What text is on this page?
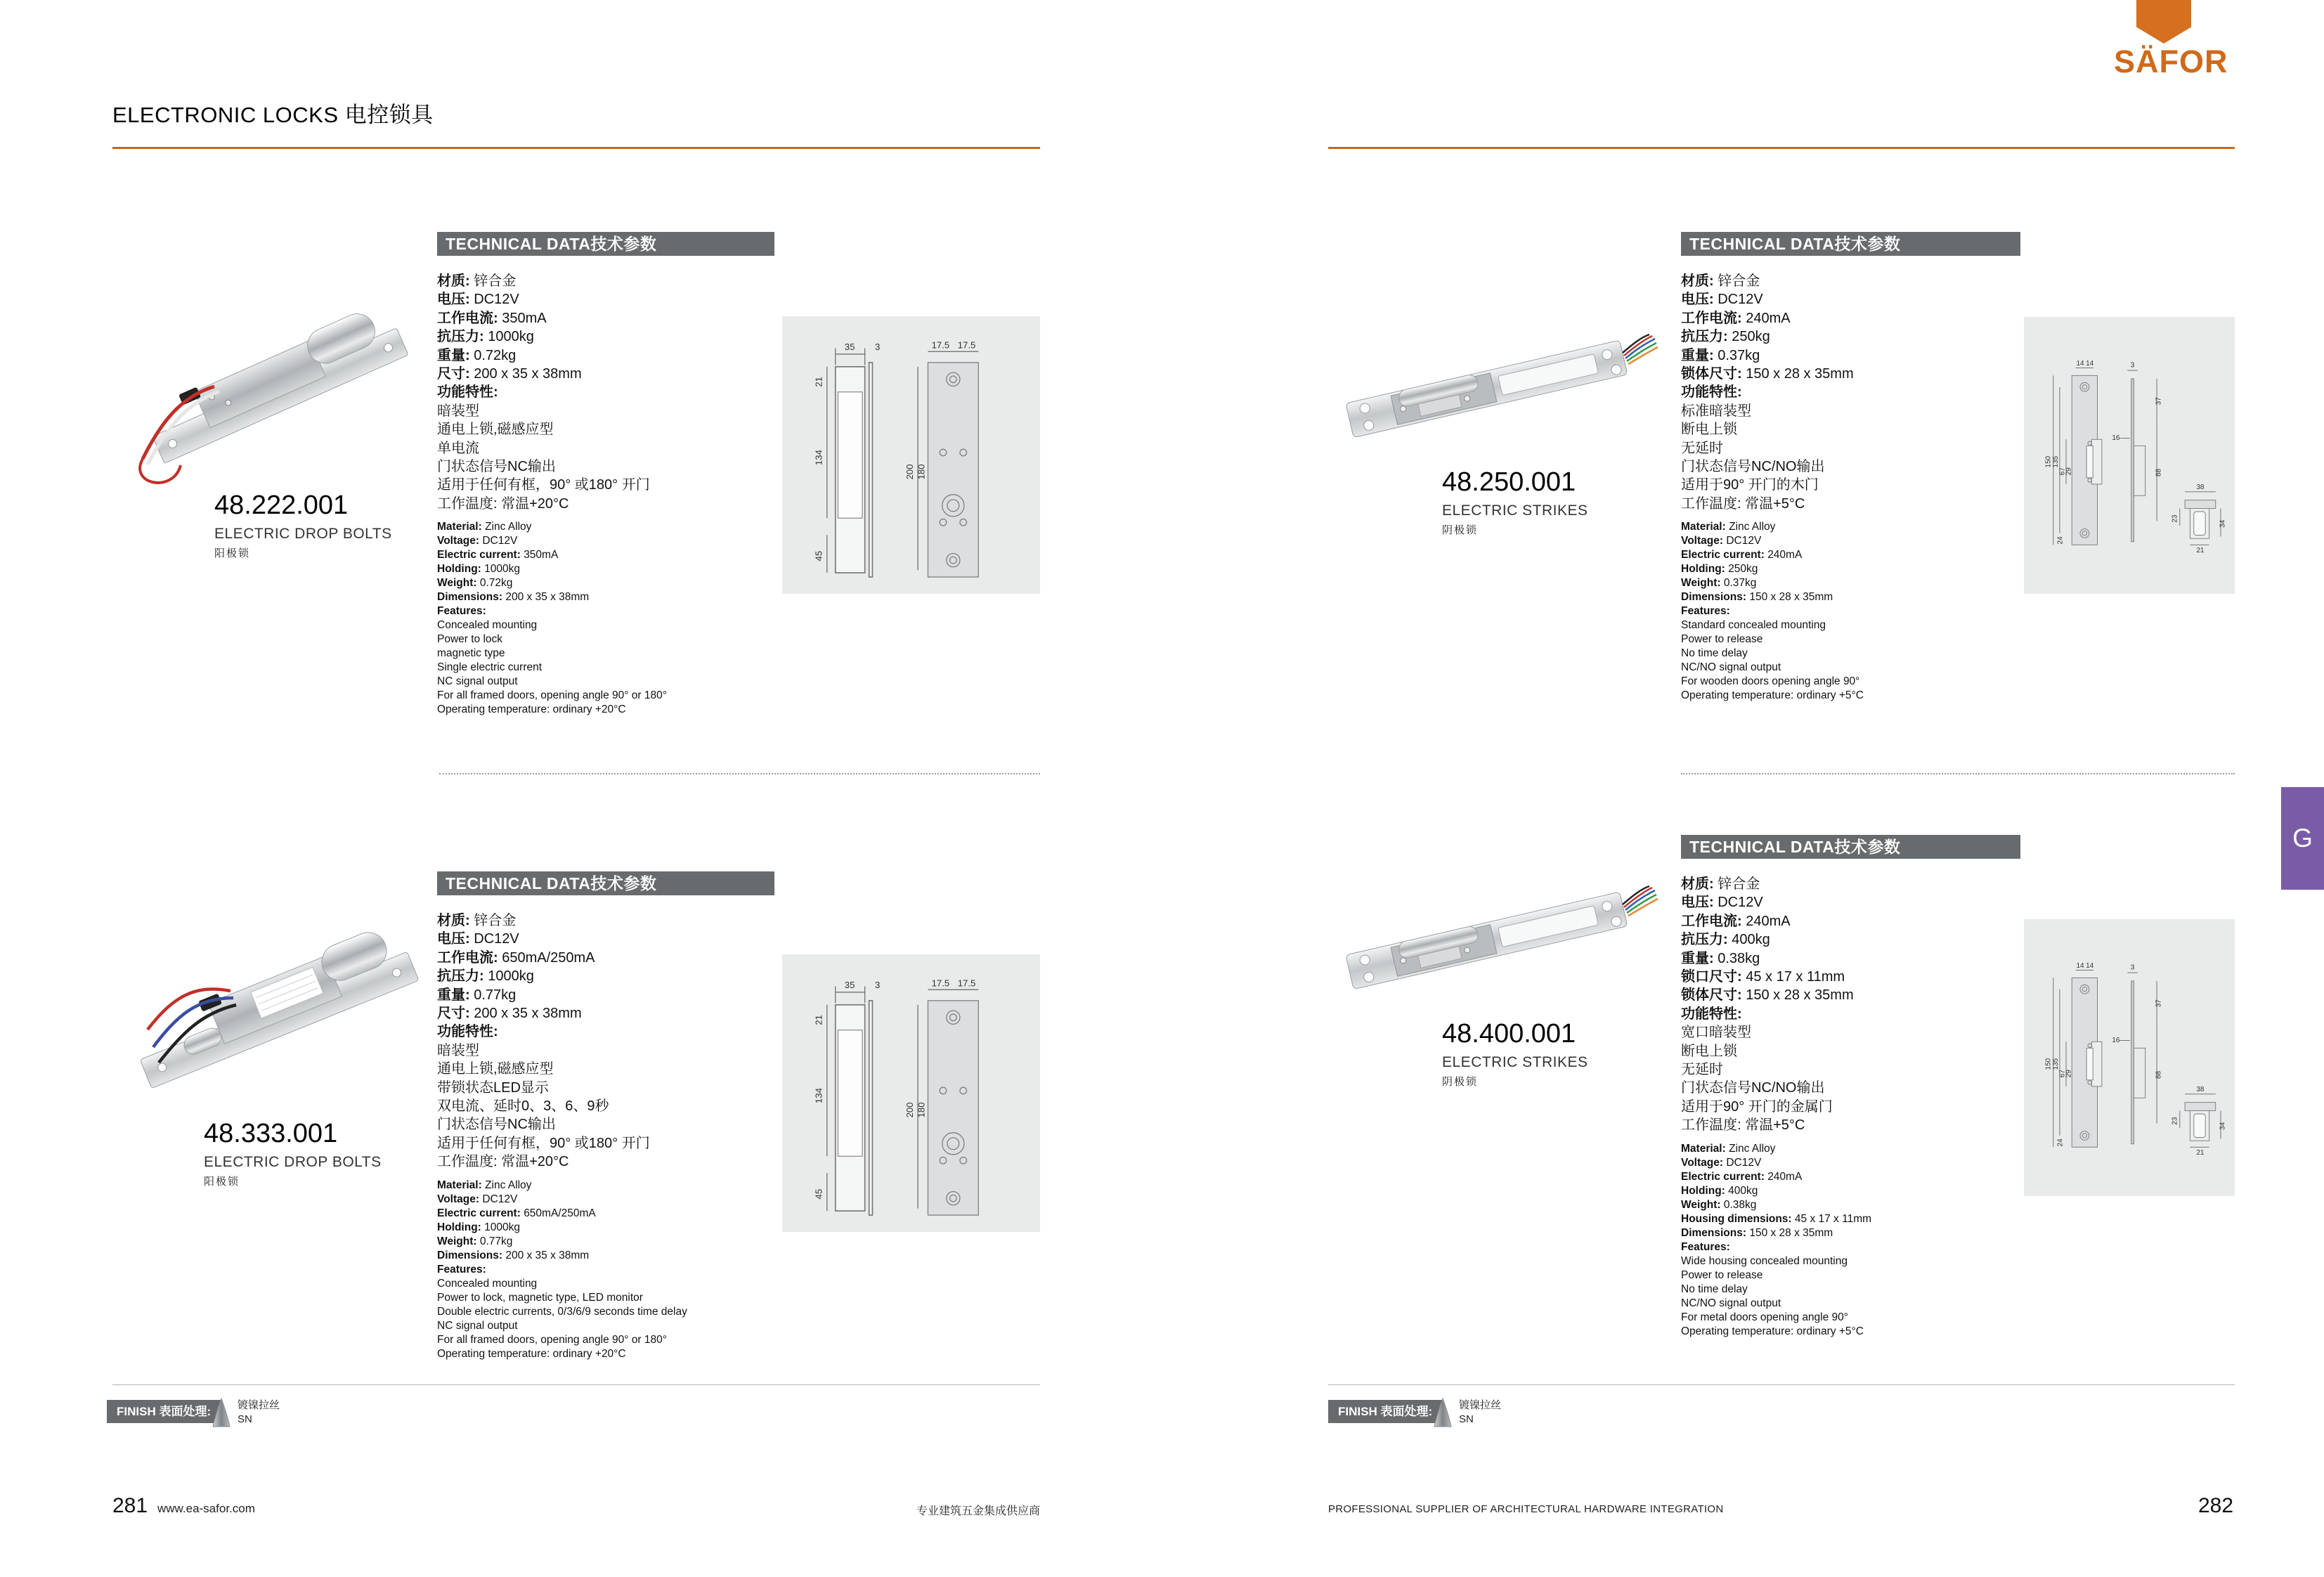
ELECTRONIC LOCKS 电控锁具
SÄFOR
G
48.222.001
ELECTRIC DROP BOLTS
阳极锁
TECHNICAL DATA技术参数
材质: 锌合金
电压: DC12V
工作电流: 350mA
抗压力: 1000kg
重量: 0.72kg
尺寸: 200 x 35 x 38mm
功能特性:
暗装型
通电上锁,磁感应型
单电流
门状态信号NC输出
适用于任何有框，90° 或180° 开门
工作温度: 常温+20°C
Material: Zinc Alloy
Voltage: DC12V
Electric current: 350mA
Holding: 1000kg
Weight: 0.72kg
Dimensions: 200 x 35 x 38mm
Features:
Concealed mounting
Power to lock
magnetic type
Single electric current
NC signal output
For all framed doors, opening angle 90° or 180°
Operating temperature: ordinary +20°C
35	3
21
134
45
17.5 17.5
200 180
48.333.001
ELECTRIC DROP BOLTS
阳极锁
TECHNICAL DATA技术参数
材质: 锌合金
电压: DC12V
工作电流: 650mA/250mA
抗压力: 1000kg
重量: 0.77kg
尺寸: 200 x 35 x 38mm
功能特性:
暗装型
通电上锁,磁感应型
带锁状态LED显示
双电流、延时0、3、6、9秒
门状态信号NC输出
适用于任何有框，90° 或180° 开门
工作温度: 常温+20°C
Material: Zinc Alloy
Voltage: DC12V
Electric current: 650mA/250mA
Holding: 1000kg
Weight: 0.77kg
Dimensions: 200 x 35 x 38mm
Features:
Concealed mounting
Power to lock, magnetic type, LED monitor
Double electric currents, 0/3/6/9 seconds time delay
NC signal output
For all framed doors, opening angle 90° or 180°
Operating temperature: ordinary +20°C
35	3
21
134
45
17.5 17.5
200 180
48.250.001
ELECTRIC STRIKES
阴极锁
TECHNICAL DATA技术参数
材质: 锌合金
电压: DC12V
工作电流: 240mA
抗压力: 250kg
重量: 0.37kg
锁体尺寸: 150 x 28 x 35mm
功能特性:
标准暗装型
断电上锁
无延时
门状态信号NC/NO输出
适用于90° 开门的木门
工作温度: 常温+5°C
Material: Zinc Alloy
Voltage: DC12V
Electric current: 240mA
Holding: 250kg
Weight: 0.37kg
Dimensions: 150 x 28 x 35mm
Features:
Standard concealed mounting
Power to release
No time delay
NC/NO signal output
For wooden doors opening angle 90°
Operating temperature: ordinary +5°C
14 14
150 135
67
29
24
3
16
37
88
38
23
34
21
48.400.001
ELECTRIC STRIKES
阴极锁
TECHNICAL DATA技术参数
材质: 锌合金
电压: DC12V
工作电流: 240mA
抗压力: 400kg
重量: 0.38kg
锁口尺寸: 45 x 17 x 11mm
锁体尺寸: 150 x 28 x 35mm
功能特性:
宽口暗装型
断电上锁
无延时
门状态信号NC/NO输出
适用于90° 开门的金属门
工作温度: 常温+5°C
Material: Zinc Alloy
Voltage: DC12V
Electric current: 240mA
Holding: 400kg
Weight: 0.38kg
Housing dimensions: 45 x 17 x 11mm
Dimensions: 150 x 28 x 35mm
Features:
Wide housing concealed mounting
Power to release
No time delay
NC/NO signal output
For metal doors opening angle 90°
Operating temperature: ordinary +5°C
14 14
150 135
67
29
24
3
16
37
88
38
23
34
21
FINISH 表面处理:	镀镍拉丝
SN
FINISH 表面处理:	镀镍拉丝
SN
281 www.ea-safor.com	专业建筑五金集成供应商	PROFESSIONAL SUPPLIER OF ARCHITECTURAL HARDWARE INTEGRATION	282
